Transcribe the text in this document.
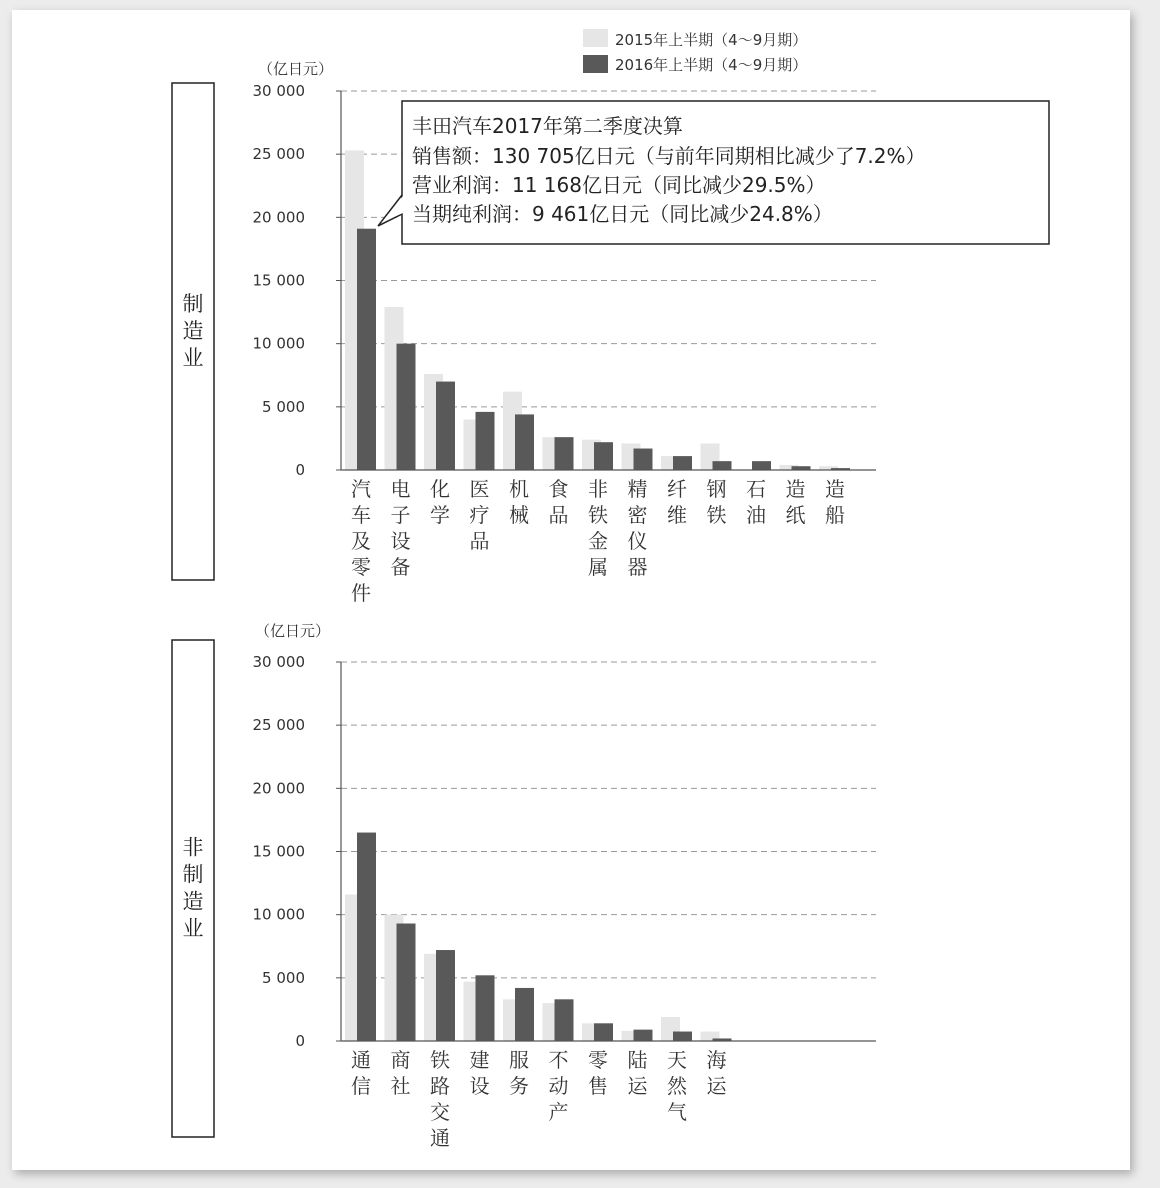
2015年上半期（4～9月期）
2016年上半期（4～9月期）
（亿日元）
（亿日元）
30 000
25 000
20 000
15 000
10 000
5 000
0
汽
车
及
零
件
电
子
设
备
化
学
医
疗
品
机
械
食
品
非
铁
金
属
精
密
仪
器
纤
维
钢
铁
石
油
造
纸
造
船
制
造
业
30 000
25 000
20 000
15 000
10 000
5 000
0
通
信
商
社
铁
路
交
通
建
设
服
务
不
动
产
零
售
陆
运
天
然
气
海
运
非
制
造
业
丰田汽车2017年第二季度决算
销售额：130 705亿日元（与前年同期相比减少了7.2%）
营业利润：11 168亿日元（同比减少29.5%）
当期纯利润：9 461亿日元（同比减少24.8%）
